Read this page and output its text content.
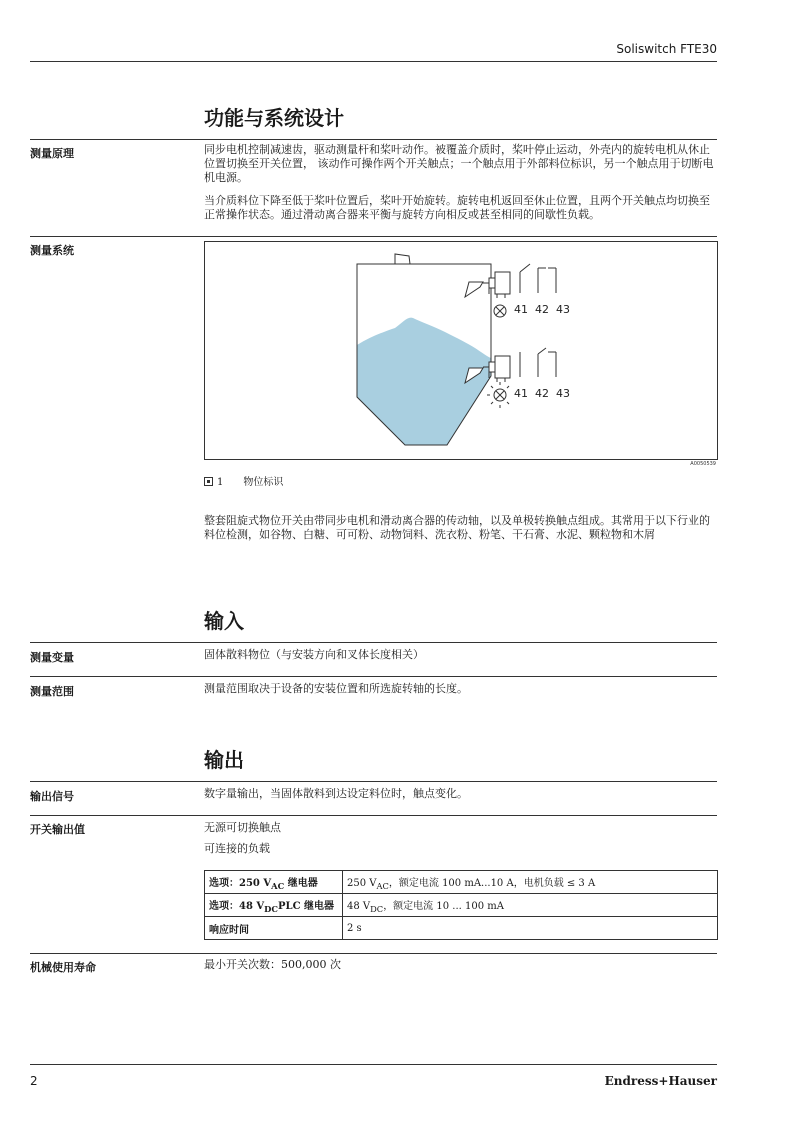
Soliswitch FTE30
功能与系统设计
测量原理	同步电机控制减速齿，驱动测量杆和桨叶动作。被覆盖介质时，桨叶停止运动，外壳内的旋转电机从休止位置切换至开关位置， 该动作可操作两个开关触点；一个触点用于外部料位标识，另一个触点用于切断电机电源。
当介质料位下降至低于桨叶位置后，桨叶开始旋转。旋转电机返回至休止位置，且两个开关触点均切换至正常操作状态。通过滑动离合器来平衡与旋转方向相反或甚至相同的间歇性负载。
测量系统
41  42  43
41  42  43
A0050539
1 物位标识
整套阻旋式物位开关由带同步电机和滑动离合器的传动轴，以及单极转换触点组成。其常用于以下行业的料位检测，如谷物、白糖、可可粉、动物饲料、洗衣粉、粉笔、干石膏、水泥、颗粒物和木屑
输入
测量变量	固体散料物位（与安装方向和叉体长度相关）
测量范围	测量范围取决于设备的安装位置和所选旋转轴的长度。
输出
输出信号	数字量输出，当固体散料到达设定料位时，触点变化。
开关输出值	无源可切换触点
可连接的负载
选项：250 $V_{AC}$ 继电器	250 $V_{AC}$，额定电流 100 mA...10 A，电机负载 ≤ 3 A
选项：48 $V_{DC}PLC$ 继电器	48 $V_{DC}$，额定电流 10 ... 100 mA
响应时间	2 s
机械使用寿命	最小开关次数：500,000 次
2	Endress+Hauser
